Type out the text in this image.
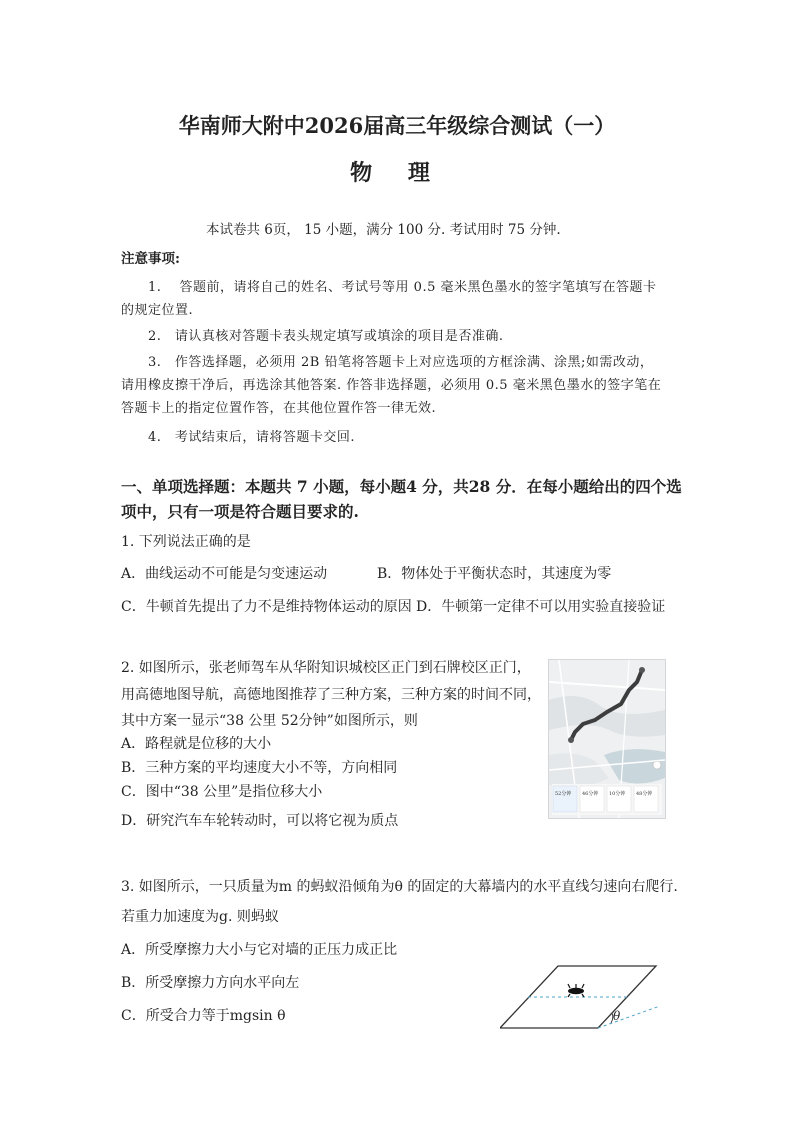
华南师大附中2026届高三年级综合测试（一）
物 理
本试卷共 6页， 15 小题，满分 100 分. 考试用时 75 分钟.
注意事项:
1.　 答题前，请将自己的姓名、考试号等用 0.5 毫米黑色墨水的签字笔填写在答题卡
的规定位置.
2.　请认真核对答题卡表头规定填写或填涂的项目是否准确.
3.　作答选择题，必须用 2B 铅笔将答题卡上对应选项的方框涂满、涂黑;如需改动，
请用橡皮擦干净后，再选涂其他答案. 作答非选择题，必须用 0.5 毫米黑色墨水的签字笔在
答题卡上的指定位置作答，在其他位置作答一律无效.
4.　考试结束后，请将答题卡交回.
一、单项选择题：本题共 7 小题，每小题4 分，共28 分．在每小题给出的四个选
项中，只有一项是符合题目要求的.
1. 下列说法正确的是
A．曲线运动不可能是匀变速运动	B．物体处于平衡状态时，其速度为零
C．牛顿首先提出了力不是维持物体运动的原因 D．牛顿第一定律不可以用实验直接验证
2. 如图所示，张老师驾车从华附知识城校区正门到石牌校区正门，
用高德地图导航，高德地图推荐了三种方案，三种方案的时间不同，
其中方案一显示“38 公里 52分钟”如图所示，则
A．路程就是位移的大小
B．三种方案的平均速度大小不等，方向相同
C．图中“38 公里”是指位移大小
D．研究汽车车轮转动时，可以将它视为质点
52分钟 46分钟 10分钟 48分钟
3. 如图所示，一只质量为m 的蚂蚁沿倾角为θ 的固定的大幕墙内的水平直线匀速向右爬行.
若重力加速度为g. 则蚂蚁
A．所受摩擦力大小与它对墙的正压力成正比
B．所受摩擦力方向水平向左
C．所受合力等于mgsin θ	θ
